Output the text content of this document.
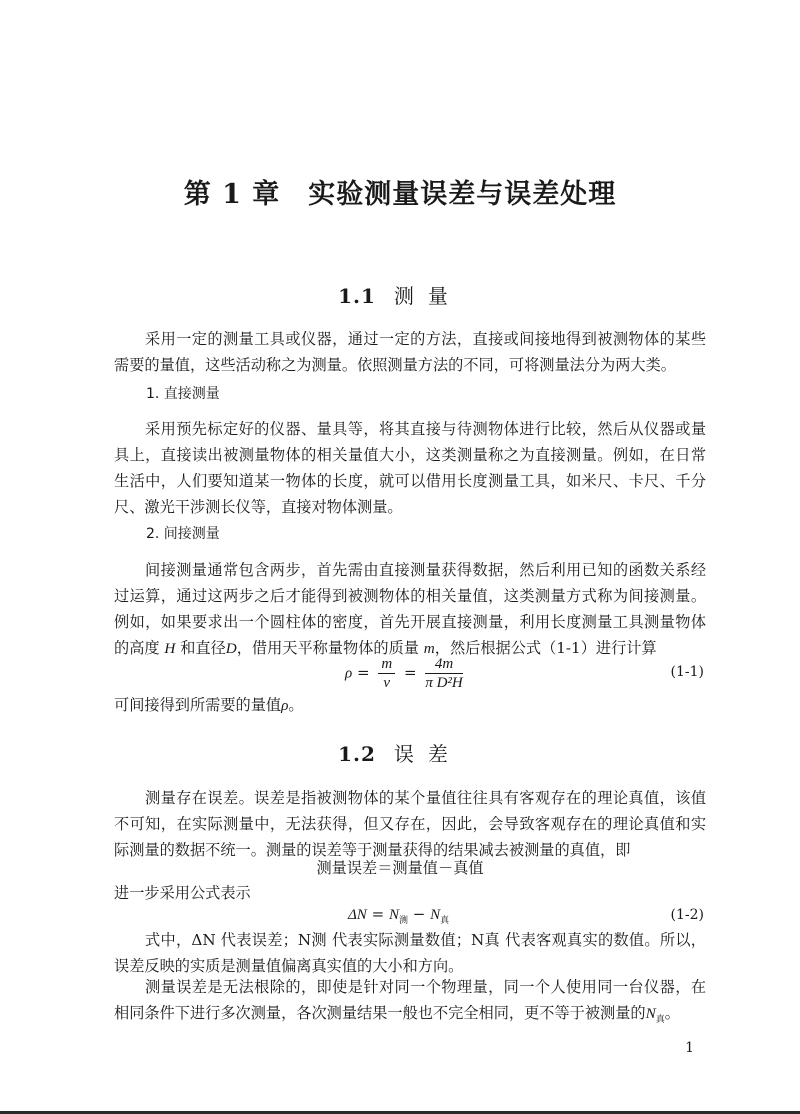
第 1 章　实验测量误差与误差处理
1.1 测量
采用一定的测量工具或仪器，通过一定的方法，直接或间接地得到被测物体的某些需要的量值，这些活动称之为测量。依照测量方法的不同，可将测量法分为两大类。
1. 直接测量
采用预先标定好的仪器、量具等，将其直接与待测物体进行比较，然后从仪器或量具上，直接读出被测量物体的相关量值大小，这类测量称之为直接测量。例如，在日常生活中，人们要知道某一物体的长度，就可以借用长度测量工具，如米尺、卡尺、千分尺、激光干涉测长仪等，直接对物体测量。
2. 间接测量
间接测量通常包含两步，首先需由直接测量获得数据，然后利用已知的函数关系经过运算，通过这两步之后才能得到被测物体的相关量值，这类测量方式称为间接测量。例如，如果要求出一个圆柱体的密度，首先开展直接测量，利用长度测量工具测量物体的高度 H 和直径D，借用天平称量物体的质量 m，然后根据公式（1-1）进行计算
$\rho = \frac{m}{v} = \frac{4m}{\text{π D²H}}$	(1-1)
可间接得到所需要的量值ρ。
1.2 误差
测量存在误差。误差是指被测物体的某个量值往往具有客观存在的理论真值，该值不可知，在实际测量中，无法获得，但又存在，因此，会导致客观存在的理论真值和实际测量的数据不统一。测量的误差等于测量获得的结果减去被测量的真值，即
测量误差＝测量值－真值
进一步采用公式表示
$\Delta N = N_测 - N_真$	(1-2)
式中，ΔN 代表误差；N测 代表实际测量数值；N真 代表客观真实的数值。所以，误差反映的实质是测量值偏离真实值的大小和方向。
测量误差是无法根除的，即使是针对同一个物理量，同一个人使用同一台仪器，在相同条件下进行多次测量，各次测量结果一般也不完全相同，更不等于被测量的$N_真$。
1
